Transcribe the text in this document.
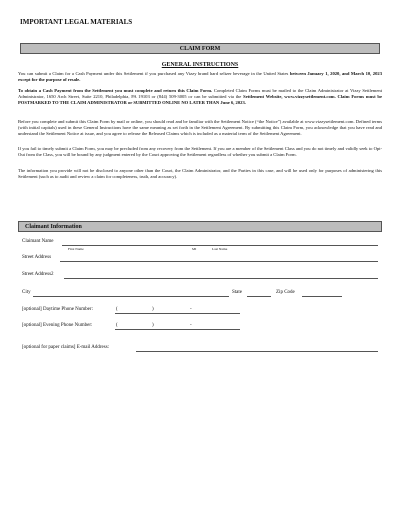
IMPORTANT LEGAL MATERIALS
CLAIM FORM
GENERAL INSTRUCTIONS
You can submit a Claim for a Cash Payment under this Settlement if you purchased any Vizzy brand hard seltzer beverage in the United States between January 1, 2020, and March 10, 2023 except for the purpose of resale.
To obtain a Cash Payment from the Settlement you must complete and return this Claim Form. Completed Claim Forms must be mailed to the Claim Administrator at Vizzy Settlement Administrator, 1650 Arch Street, Suite 2210, Philadelphia, PA 19103 or (844) 509-3005 or can be submitted via the Settlement Website, www.vizzysettlement.com. Claim Forms must be POSTMARKED TO THE CLAIM ADMINISTRATOR or SUBMITTED ONLINE NO LATER THAN June 6, 2023.
Before you complete and submit this Claim Form by mail or online, you should read and be familiar with the Settlement Notice (“the Notice”) available at www.vizzysettlement.com. Defined terms (with initial capitals) used in these General Instructions have the same meaning as set forth in the Settlement Agreement. By submitting this Claim Form, you acknowledge that you have read and understand the Settlement Notice at issue, and you agree to release the Released Claims which is included as a material term of the Settlement Agreement.
If you fail to timely submit a Claim Form, you may be precluded from any recovery from the Settlement. If you are a member of the Settlement Class and you do not timely and validly seek to Opt-Out from the Class, you will be bound by any judgment entered by the Court approving the Settlement regardless of whether you submit a Claim Form.
The information you provide will not be disclosed to anyone other than the Court, the Claim Administrator, and the Parties in this case, and will be used only for purposes of administering this Settlement (such as to audit and review a claim for completeness, truth, and accuracy).
Claimant Information
Claimant Name
First Name	MI	Last Name
Street Address
Street Address2
City	State	Zip Code
[optional] Daytime Phone Number:	(	)	-
[optional] Evening Phone Number:	(	)	-
[optional for paper claims] E-mail Address:
